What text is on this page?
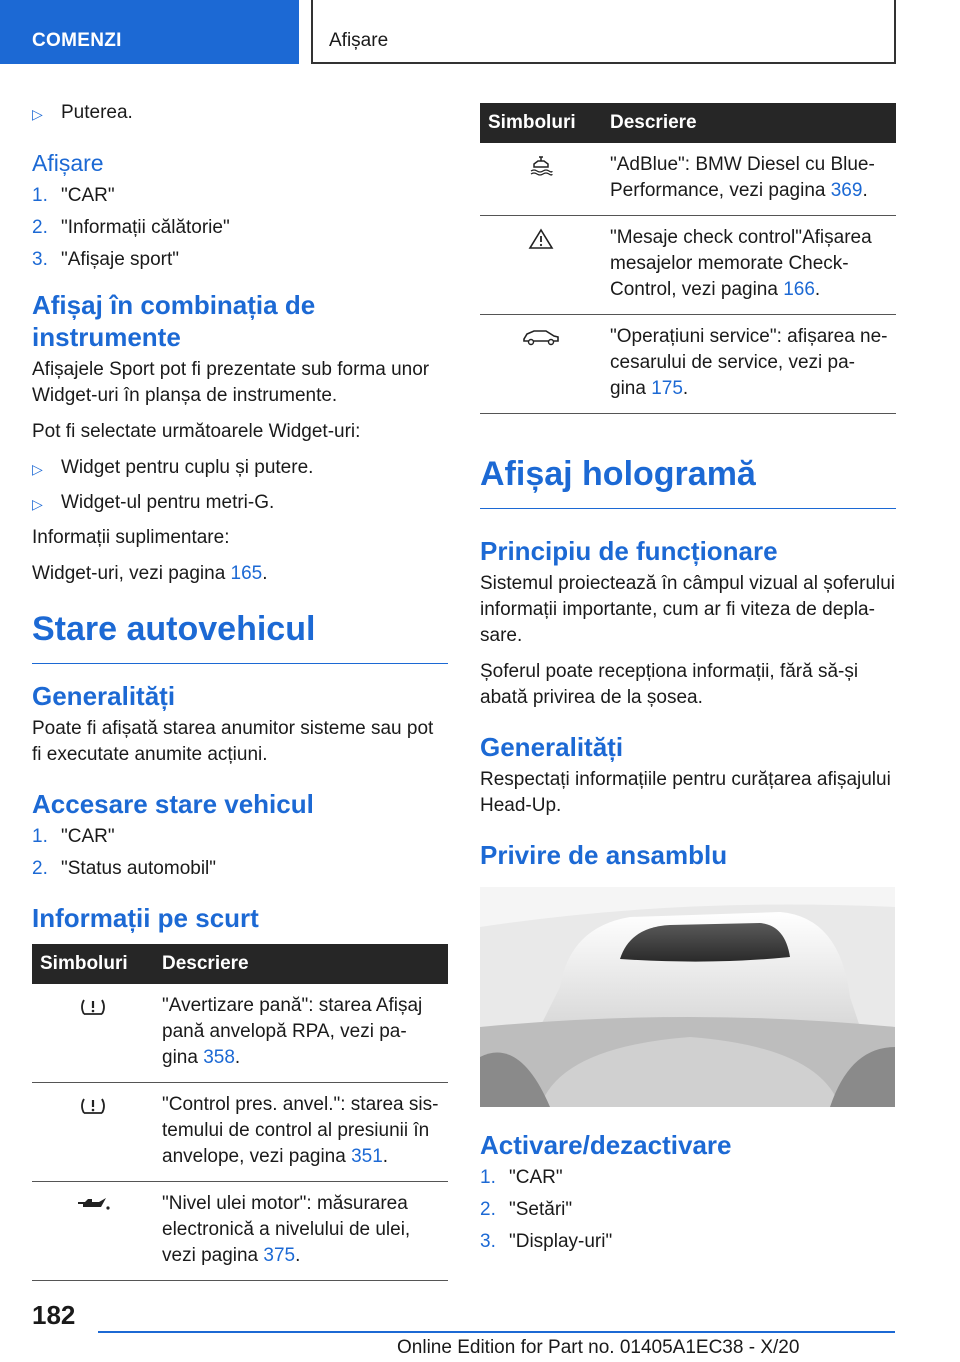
COMENZI	Afișare
▷ Puterea.
Afișare
1. "CAR"
2. "Informații călătorie"
3. "Afișaje sport"
Afișaj în combinația de instrumente

Afișajele Sport pot fi prezentate sub forma unor Widget-uri în planșa de instrumente.

Pot fi selectate următoarele Widget-uri:

▷ Widget pentru cuplu și putere.
▷ Widget-ul pentru metri-G.

Informații suplimentare:

Widget-uri, vezi pagina 165.

Stare autovehicul
Generalități

Poate fi afișată starea anumitor sisteme sau pot fi executate anumite acțiuni.

Accesare stare vehicul
1. "CAR"
2. "Status automobil"
Informații pe scurt
Simboluri	Descriere
	"Avertizare pană": starea Afișaj pană anvelopă RPA, vezi pa-gina 358.
	"Control pres. anvel.": starea sis-temului de control al presiunii în anvelope, vezi pagina 351.
	"Nivel ulei motor": măsurarea electronică a nivelului de ulei, vezi pagina 375.
Simboluri	Descriere
	"AdBlue": BMW Diesel cu Blue-Performance, vezi pagina 369.
	"Mesaje check control"Afișarea mesajelor memorate Check-Control, vezi pagina 166.
	"Operațiuni service": afișarea ne-cesarului de service, vezi pa-gina 175.
Afișaj hologramă
Principiu de funcționare

Sistemul proiectează în câmpul vizual al șoferului informații importante, cum ar fi viteza de depla-sare.

Șoferul poate recepționa informații, fără să-și abată privirea de la șosea.

Generalități

Respectați informațiile pentru curățarea afișajului Head-Up.

Privire de ansamblu
Activare/dezactivare
1. "CAR"
2. "Setări"
3. "Display-uri"
182
Online Edition for Part no. 01405A1EC38 - X/20
